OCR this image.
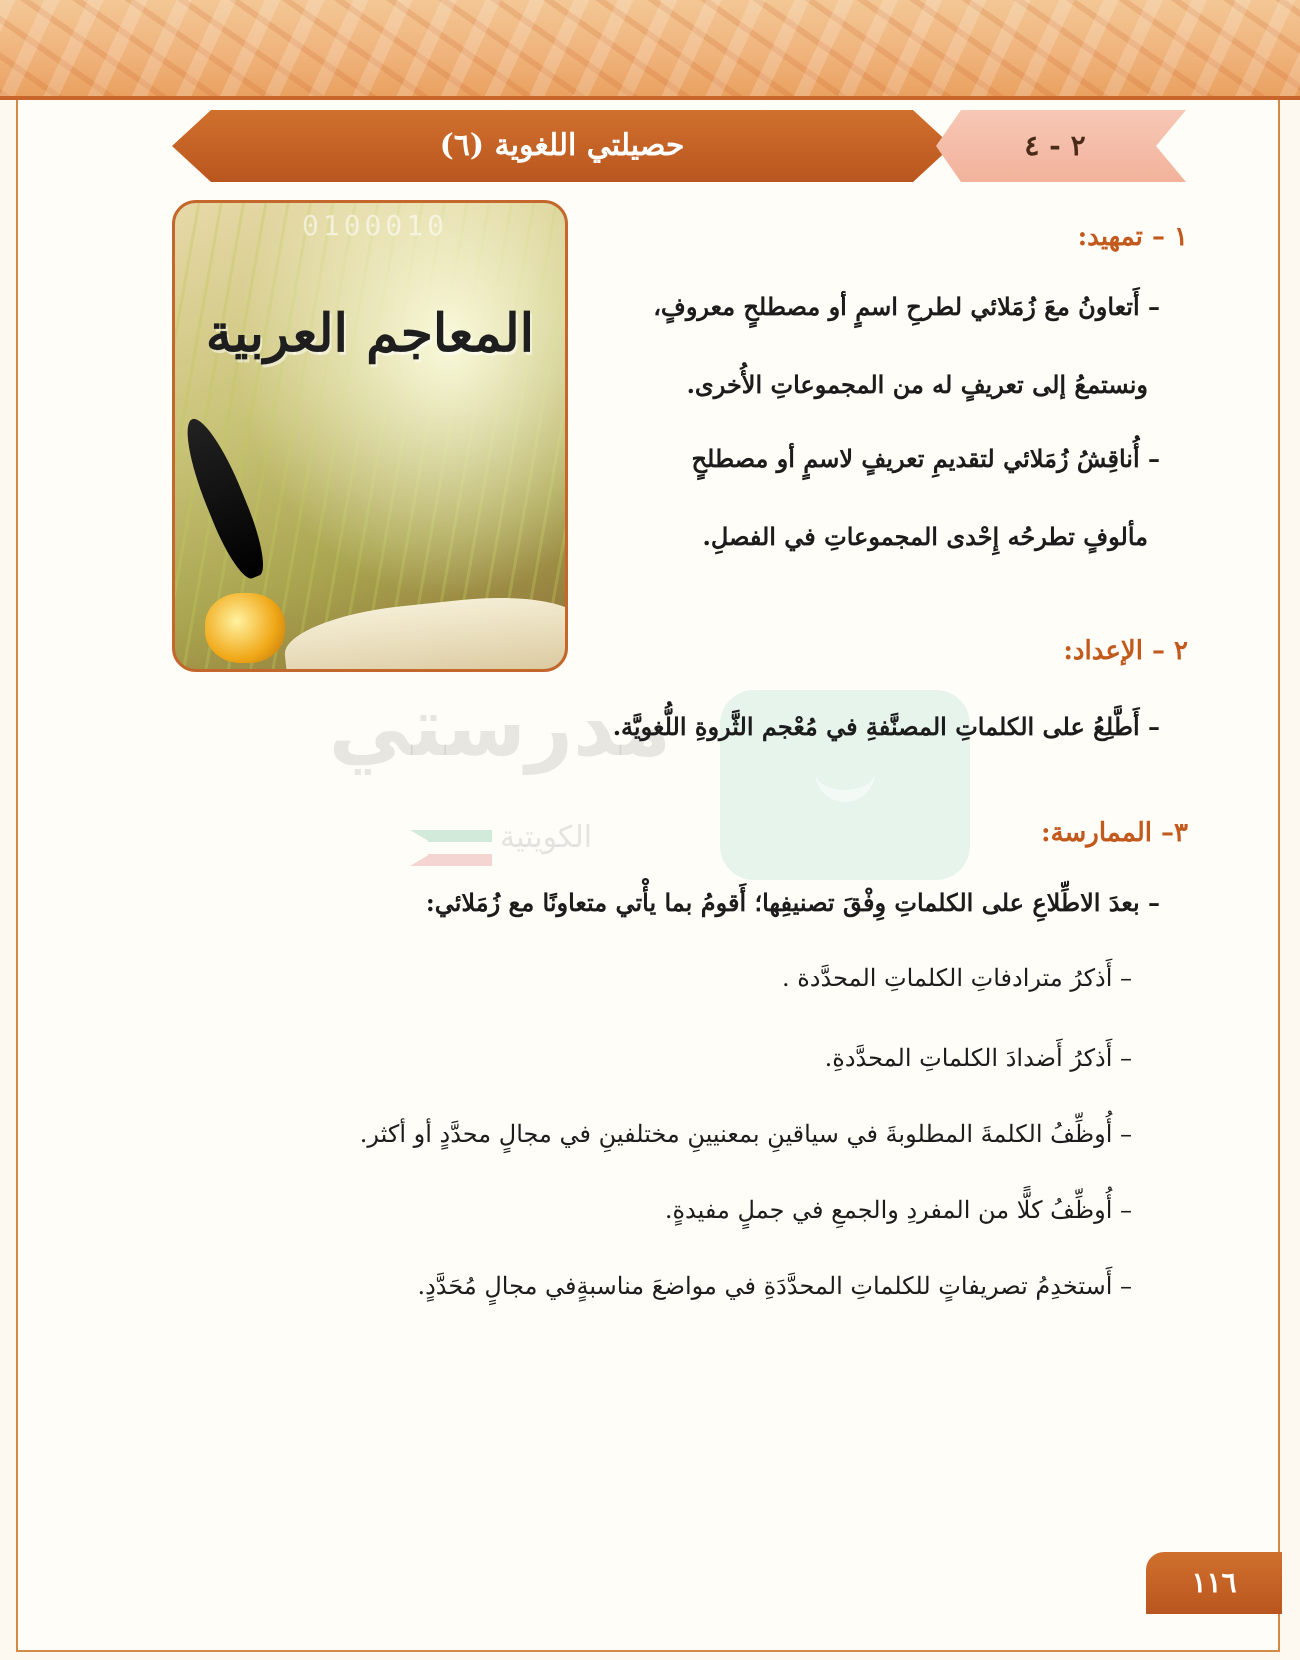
حصيلتي اللغوية (٦)	٢ - ٤
0100010
المعاجم العربية
مدرستي
الكويتية
١ – تمهيد:
– أَتعاونُ معَ زُمَلائي لطرحِ اسمٍ أو مصطلحٍ معروفٍ،
ونستمعُ إلى تعريفٍ له من المجموعاتِ الأُخرى.
– أُناقِشُ زُمَلائي لتقديمِ تعريفٍ لاسمٍ أو مصطلحٍ
مألوفٍ تطرحُه إِحْدى المجموعاتِ في الفصلِ.
٢ – الإعداد:
– أَطَّلِعُ على الكلماتِ المصنَّفةِ في مُعْجم الثَّروةِ اللُّغويَّة.
٣– الممارسة:
– بعدَ الاطِّلاعِ على الكلماتِ وِفْقَ تصنيفِها؛ أَقومُ بما يأْتي متعاونًا مع زُمَلائي:
– أَذكرُ مترادفاتِ الكلماتِ المحدَّدة .
– أَذكرُ أَضدادَ الكلماتِ المحدَّدةِ.
– أُوظِّفُ الكلمةَ المطلوبةَ في سياقينِ بمعنيينِ مختلفينِ في مجالٍ محدَّدٍ أو أكثر.
– أُوظِّفُ كلًّا من المفردِ والجمعِ في جملٍ مفيدةٍ.
– أَستخدِمُ تصريفاتٍ للكلماتِ المحدَّدَةِ في مواضعَ مناسبةٍفي مجالٍ مُحَدَّدٍ.
١١٦
